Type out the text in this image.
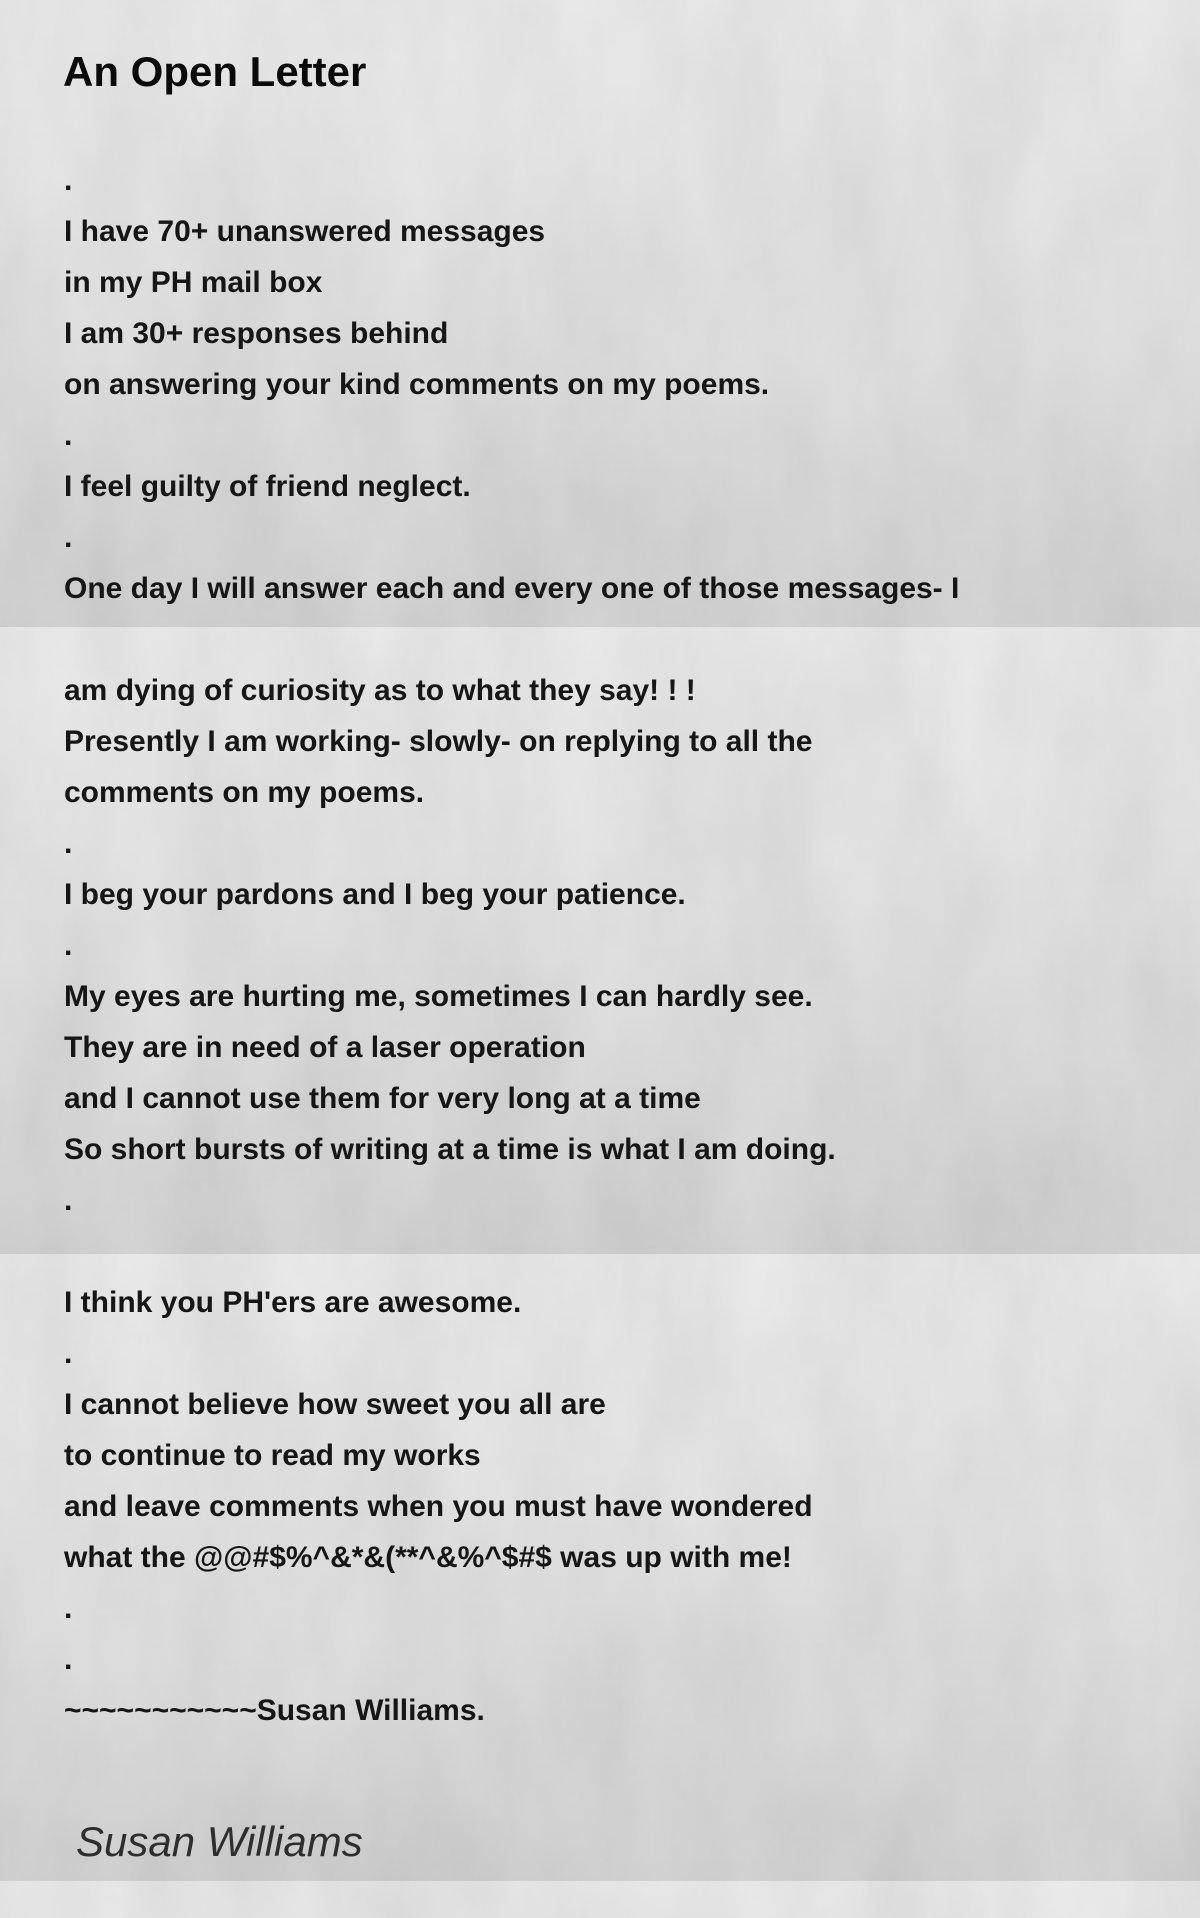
An Open Letter
.
I have 70+ unanswered messages
in my PH mail box
I am 30+ responses behind
on answering your kind comments on my poems.
.
I feel guilty of friend neglect.
.
One day I will answer each and every one of those messages- I

am dying of curiosity as to what they say! ! !
Presently I am working- slowly- on replying to all the
comments on my poems.
.
I beg your pardons and I beg your patience.
.
My eyes are hurting me, sometimes I can hardly see.
They are in need of a laser operation
and I cannot use them for very long at a time
So short bursts of writing at a time is what I am doing.
.

I think you PH'ers are awesome.
.
I cannot believe how sweet you all are
to continue to read my works
and leave comments when you must have wondered
what the @@#$%^&*&(**^&%^$#$ was up with me!
.
.
~~~~~~~~~~~Susan Williams.
Susan Williams
